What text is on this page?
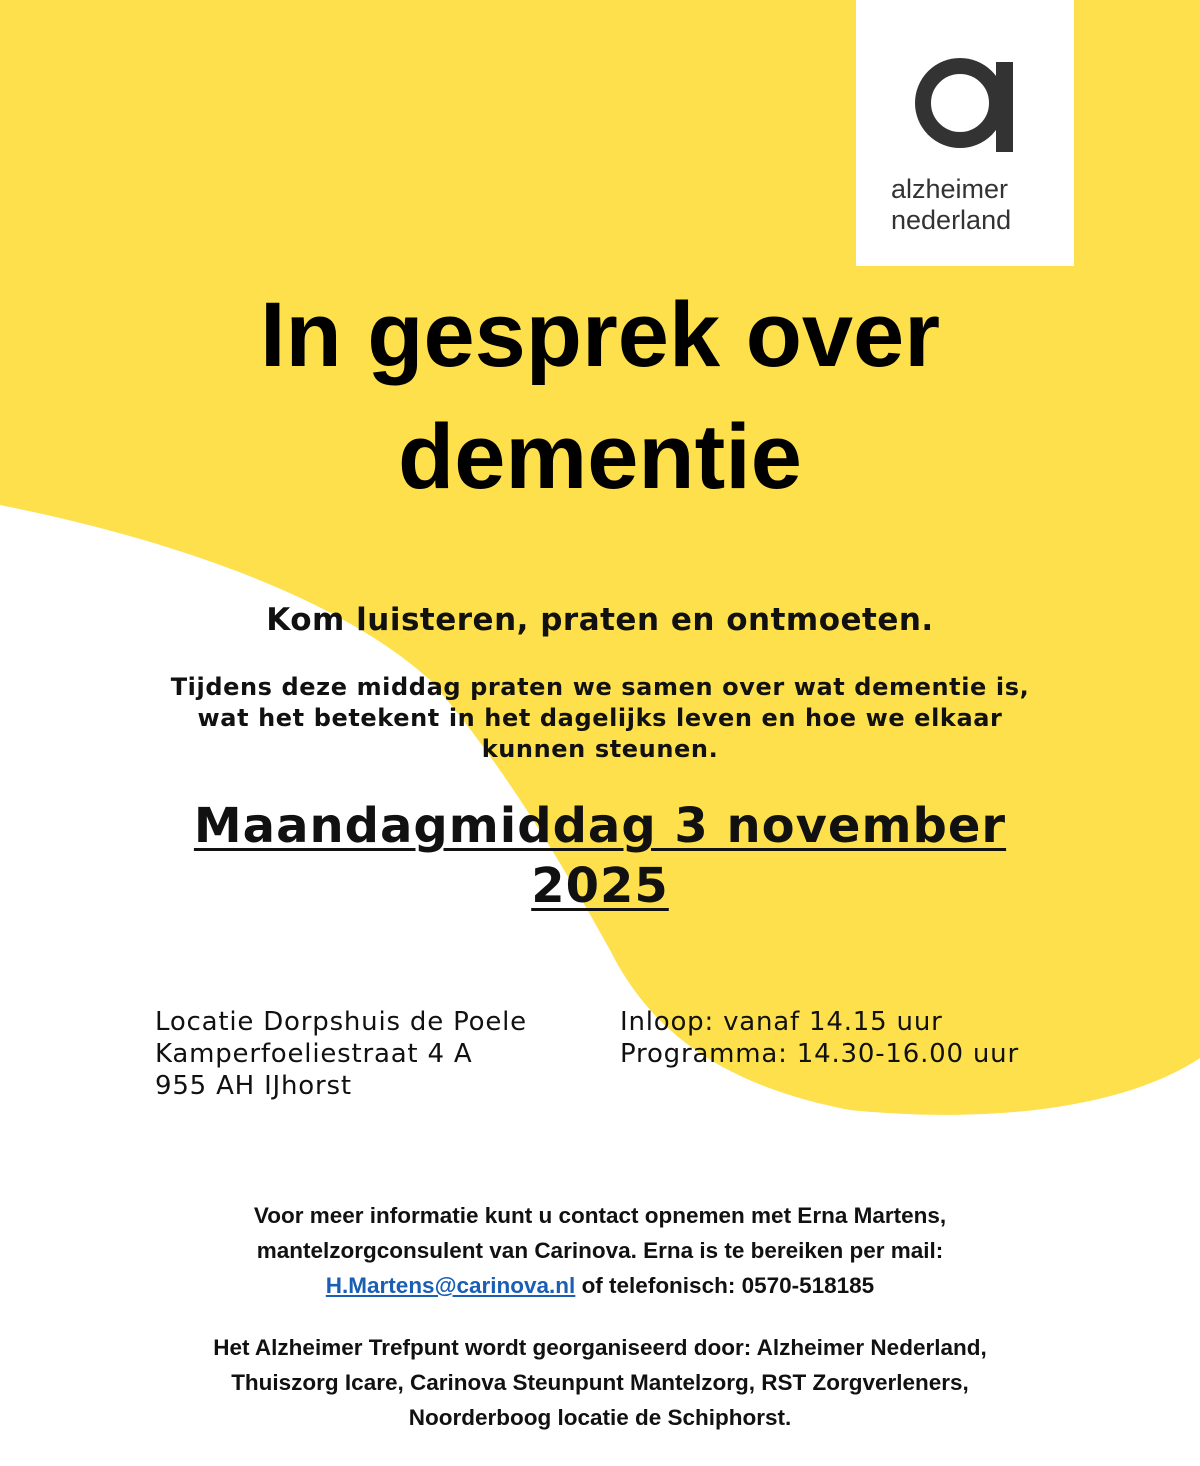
alzheimer
nederland
In gesprek over
dementie

Kom luisteren, praten en ontmoeten.

Tijdens deze middag praten we samen over wat dementie is,
wat het betekent in het dagelijks leven en hoe we elkaar
kunnen steunen.

Maandagmiddag 3 november
2025

Locatie Dorpshuis de Poele
Kamperfoeliestraat 4 A
955 AH IJhorst
Inloop: vanaf 14.15 uur
Programma: 14.30-16.00 uur

Voor meer informatie kunt u contact opnemen met Erna Martens,
mantelzorgconsulent van Carinova. Erna is te bereiken per mail:
H.Martens@carinova.nl of telefonisch: 0570-518185

Het Alzheimer Trefpunt wordt georganiseerd door: Alzheimer Nederland,
Thuiszorg Icare, Carinova Steunpunt Mantelzorg, RST Zorgverleners,
Noorderboog locatie de Schiphorst.
